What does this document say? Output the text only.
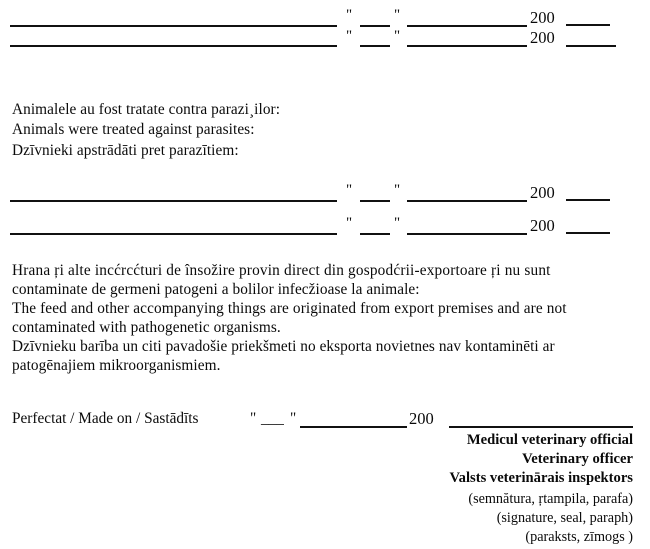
"	"	200
"	"	200
Animalele au fost tratate contra parazi¸ilor:
Animals were treated against parasites:
Dzīvnieki apstrādāti pret parazītiem:
"	"	200
"	"	200
Hrana ŗi alte incćrcćturi de însožire provin direct din gospodćrii-exportoare ŗi nu sunt
contaminate de germeni patogeni a bolilor infecžioase la animale:
The feed and other accompanying things are originated from export premises and are not
contaminated with pathogenetic organisms.
Dzīvnieku barība un citi pavadošie priekšmeti no eksporta novietnes nav kontaminēti ar
patogēnajiem mikroorganismiem.
Perfectat / Made on / Sastādīts	" ___ "	200
Medicul veterinary official
Veterinary officer
Valsts veterinārais inspektors
(semnătura, ŗtampila, parafa)
(signature, seal, paraph)
(paraksts, zīmogs )
